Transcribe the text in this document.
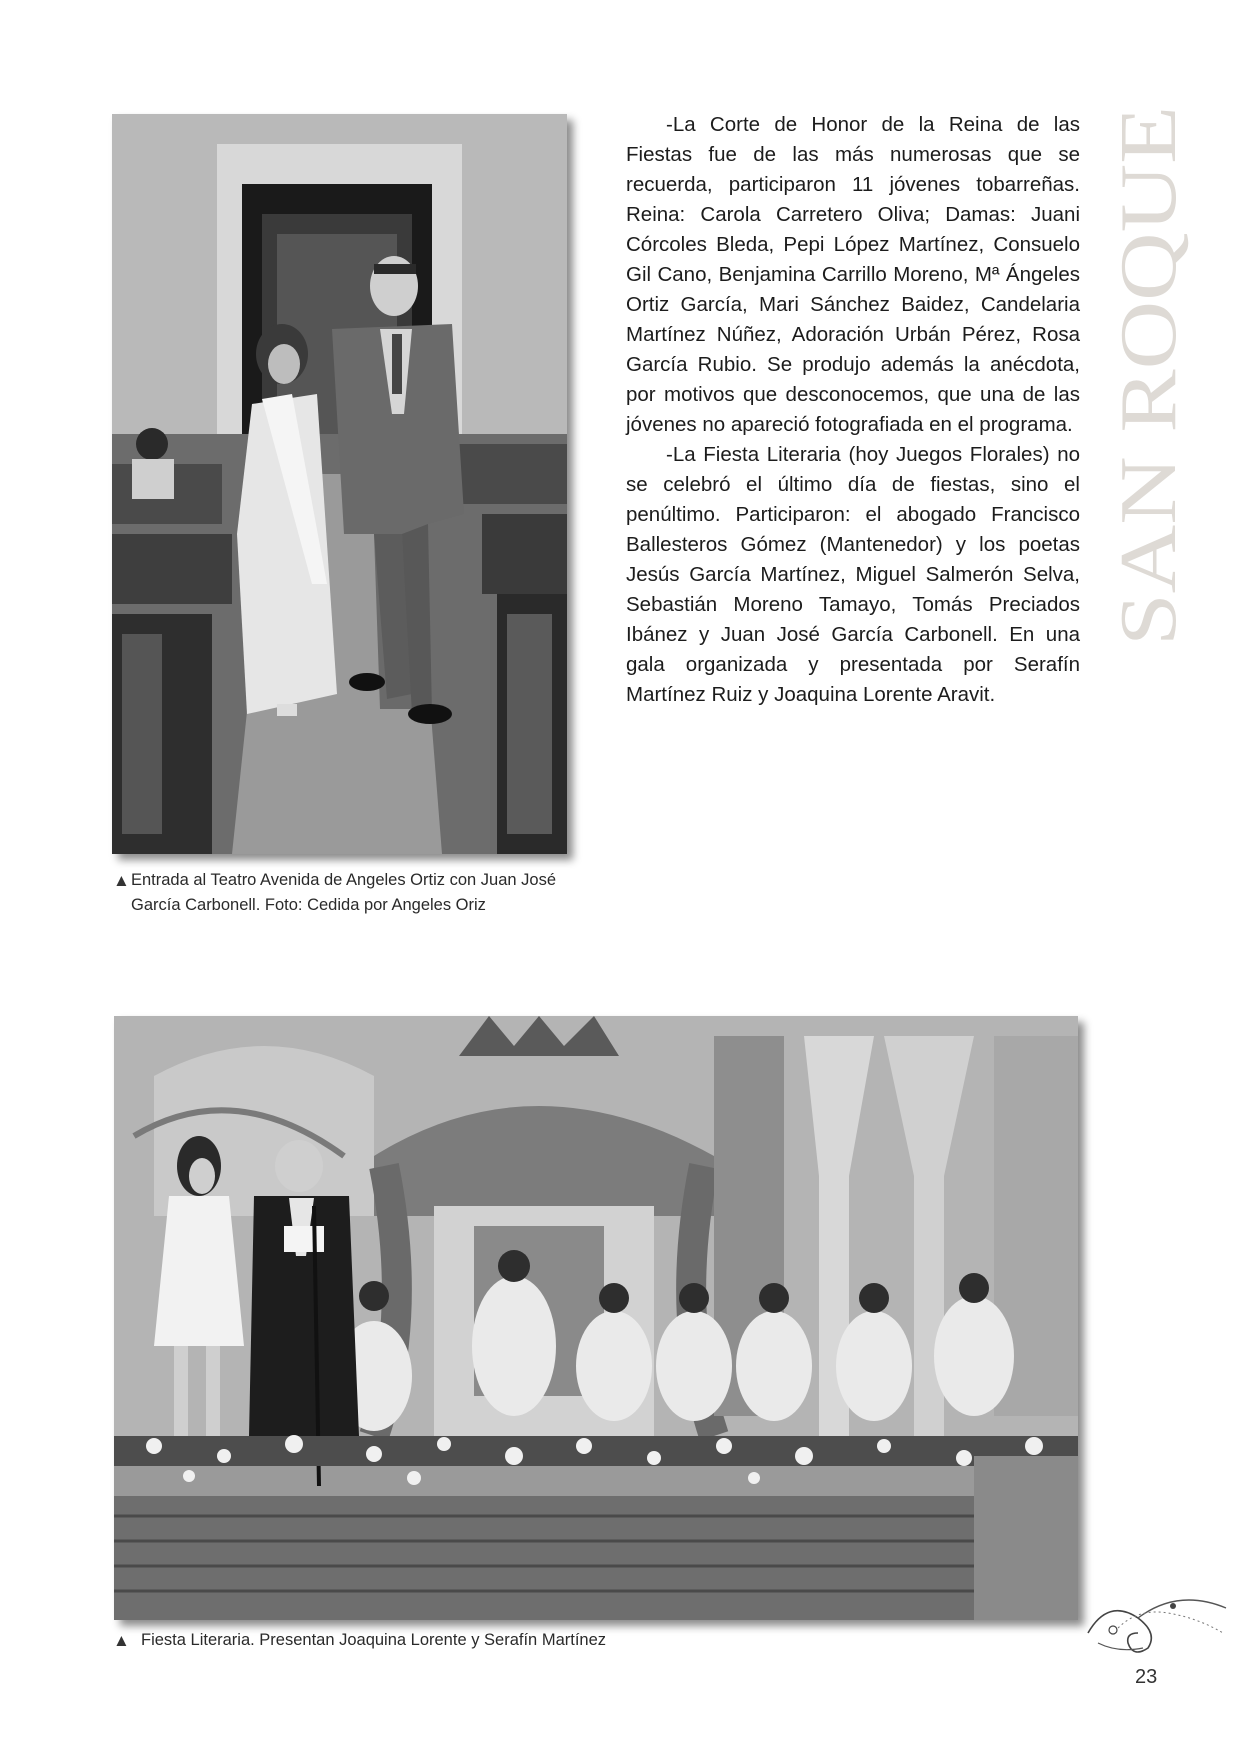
▲ Entrada al Teatro Avenida de Angeles Ortiz con Juan José
García Carbonell. Foto: Cedida por Angeles Oriz

-La Corte de Honor de la Reina de las Fiestas fue de las más numerosas que se recuerda, participaron 11 jóvenes tobarreñas. Reina: Carola Carretero Oliva; Damas: Juani Córcoles Bleda, Pepi López Martínez, Consuelo Gil Cano, Benjamina Carrillo Moreno, Mª Ángeles Ortiz García, Mari Sánchez Baidez, Candelaria Martínez Núñez, Adoración Urbán Pérez, Rosa García Rubio. Se produjo además la anécdota, por motivos que desconocemos, que una de las jóvenes no apareció fotografiada en el programa.

-La Fiesta Literaria (hoy Juegos Florales) no se celebró el último día de fiestas, sino el penúltimo. Participaron: el abogado Francisco Ballesteros Gómez (Mantenedor) y los poetas Jesús García Martínez, Miguel Salmerón Selva, Sebastián Moreno Tamayo, Tomás Preciados Ibánez y Juan José García Carbonell. En una gala organizada y presentada por Serafín Martínez Ruiz y Joaquina Lorente Aravit.

SAN ROQUE
▲ Fiesta Literaria. Presentan Joaquina Lorente y Serafín Martínez
23
